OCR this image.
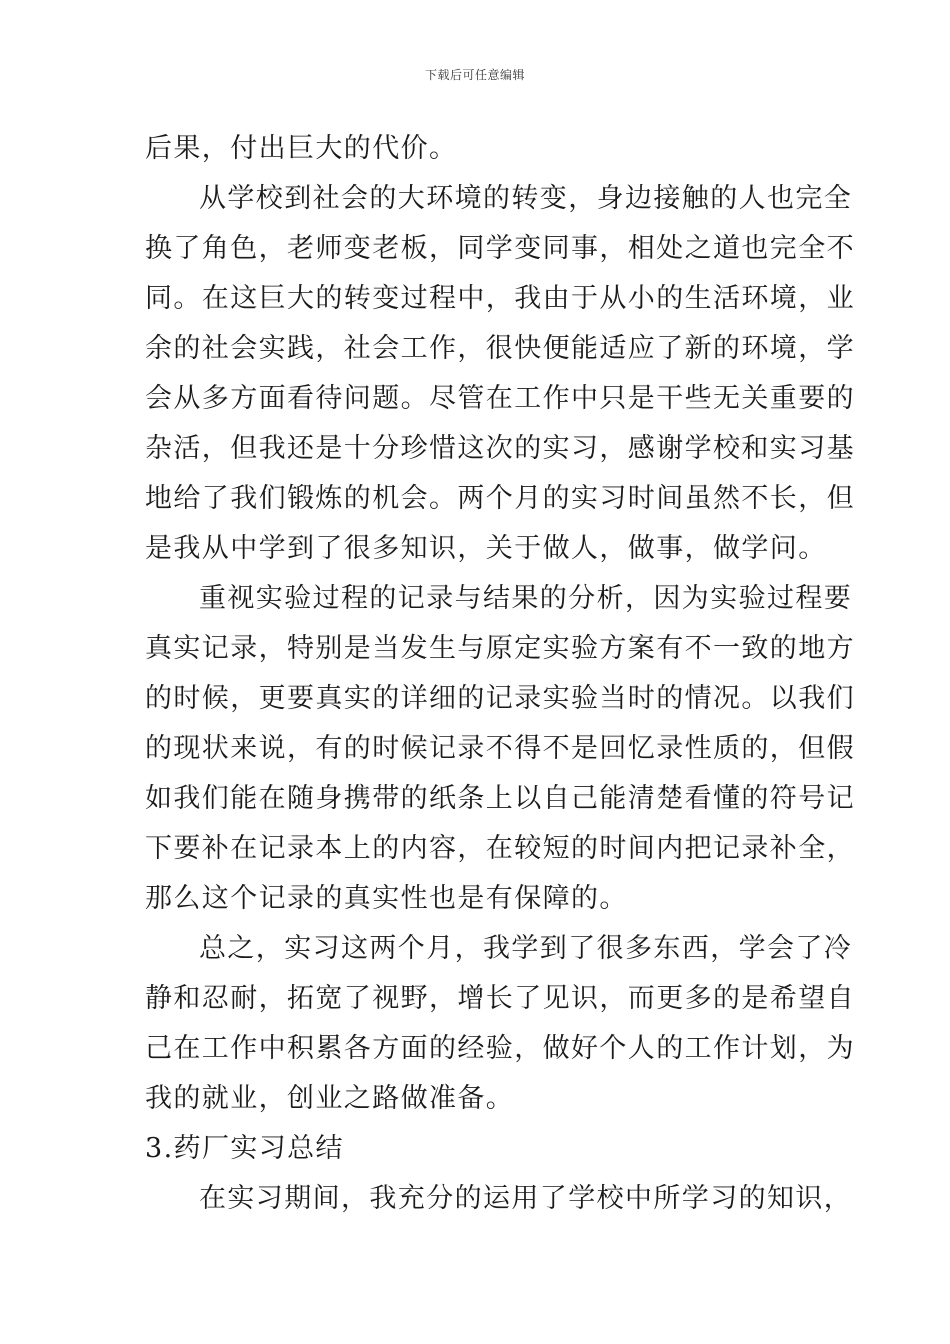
下载后可任意编辑
后果，付出巨大的代价。
从学校到社会的大环境的转变，身边接触的人也完全
换了角色，老师变老板，同学变同事，相处之道也完全不
同。在这巨大的转变过程中，我由于从小的生活环境，业
余的社会实践，社会工作，很快便能适应了新的环境，学
会从多方面看待问题。尽管在工作中只是干些无关重要的
杂活，但我还是十分珍惜这次的实习，感谢学校和实习基
地给了我们锻炼的机会。两个月的实习时间虽然不长，但
是我从中学到了很多知识，关于做人，做事，做学问。
重视实验过程的记录与结果的分析，因为实验过程要
真实记录，特别是当发生与原定实验方案有不一致的地方
的时候，更要真实的详细的记录实验当时的情况。以我们
的现状来说，有的时候记录不得不是回忆录性质的，但假
如我们能在随身携带的纸条上以自己能清楚看懂的符号记
下要补在记录本上的内容，在较短的时间内把记录补全，
那么这个记录的真实性也是有保障的。
总之，实习这两个月，我学到了很多东西，学会了冷
静和忍耐，拓宽了视野，增长了见识，而更多的是希望自
己在工作中积累各方面的经验，做好个人的工作计划，为
我的就业，创业之路做准备。
3.药厂实习总结
在实习期间，我充分的运用了学校中所学习的知识，
